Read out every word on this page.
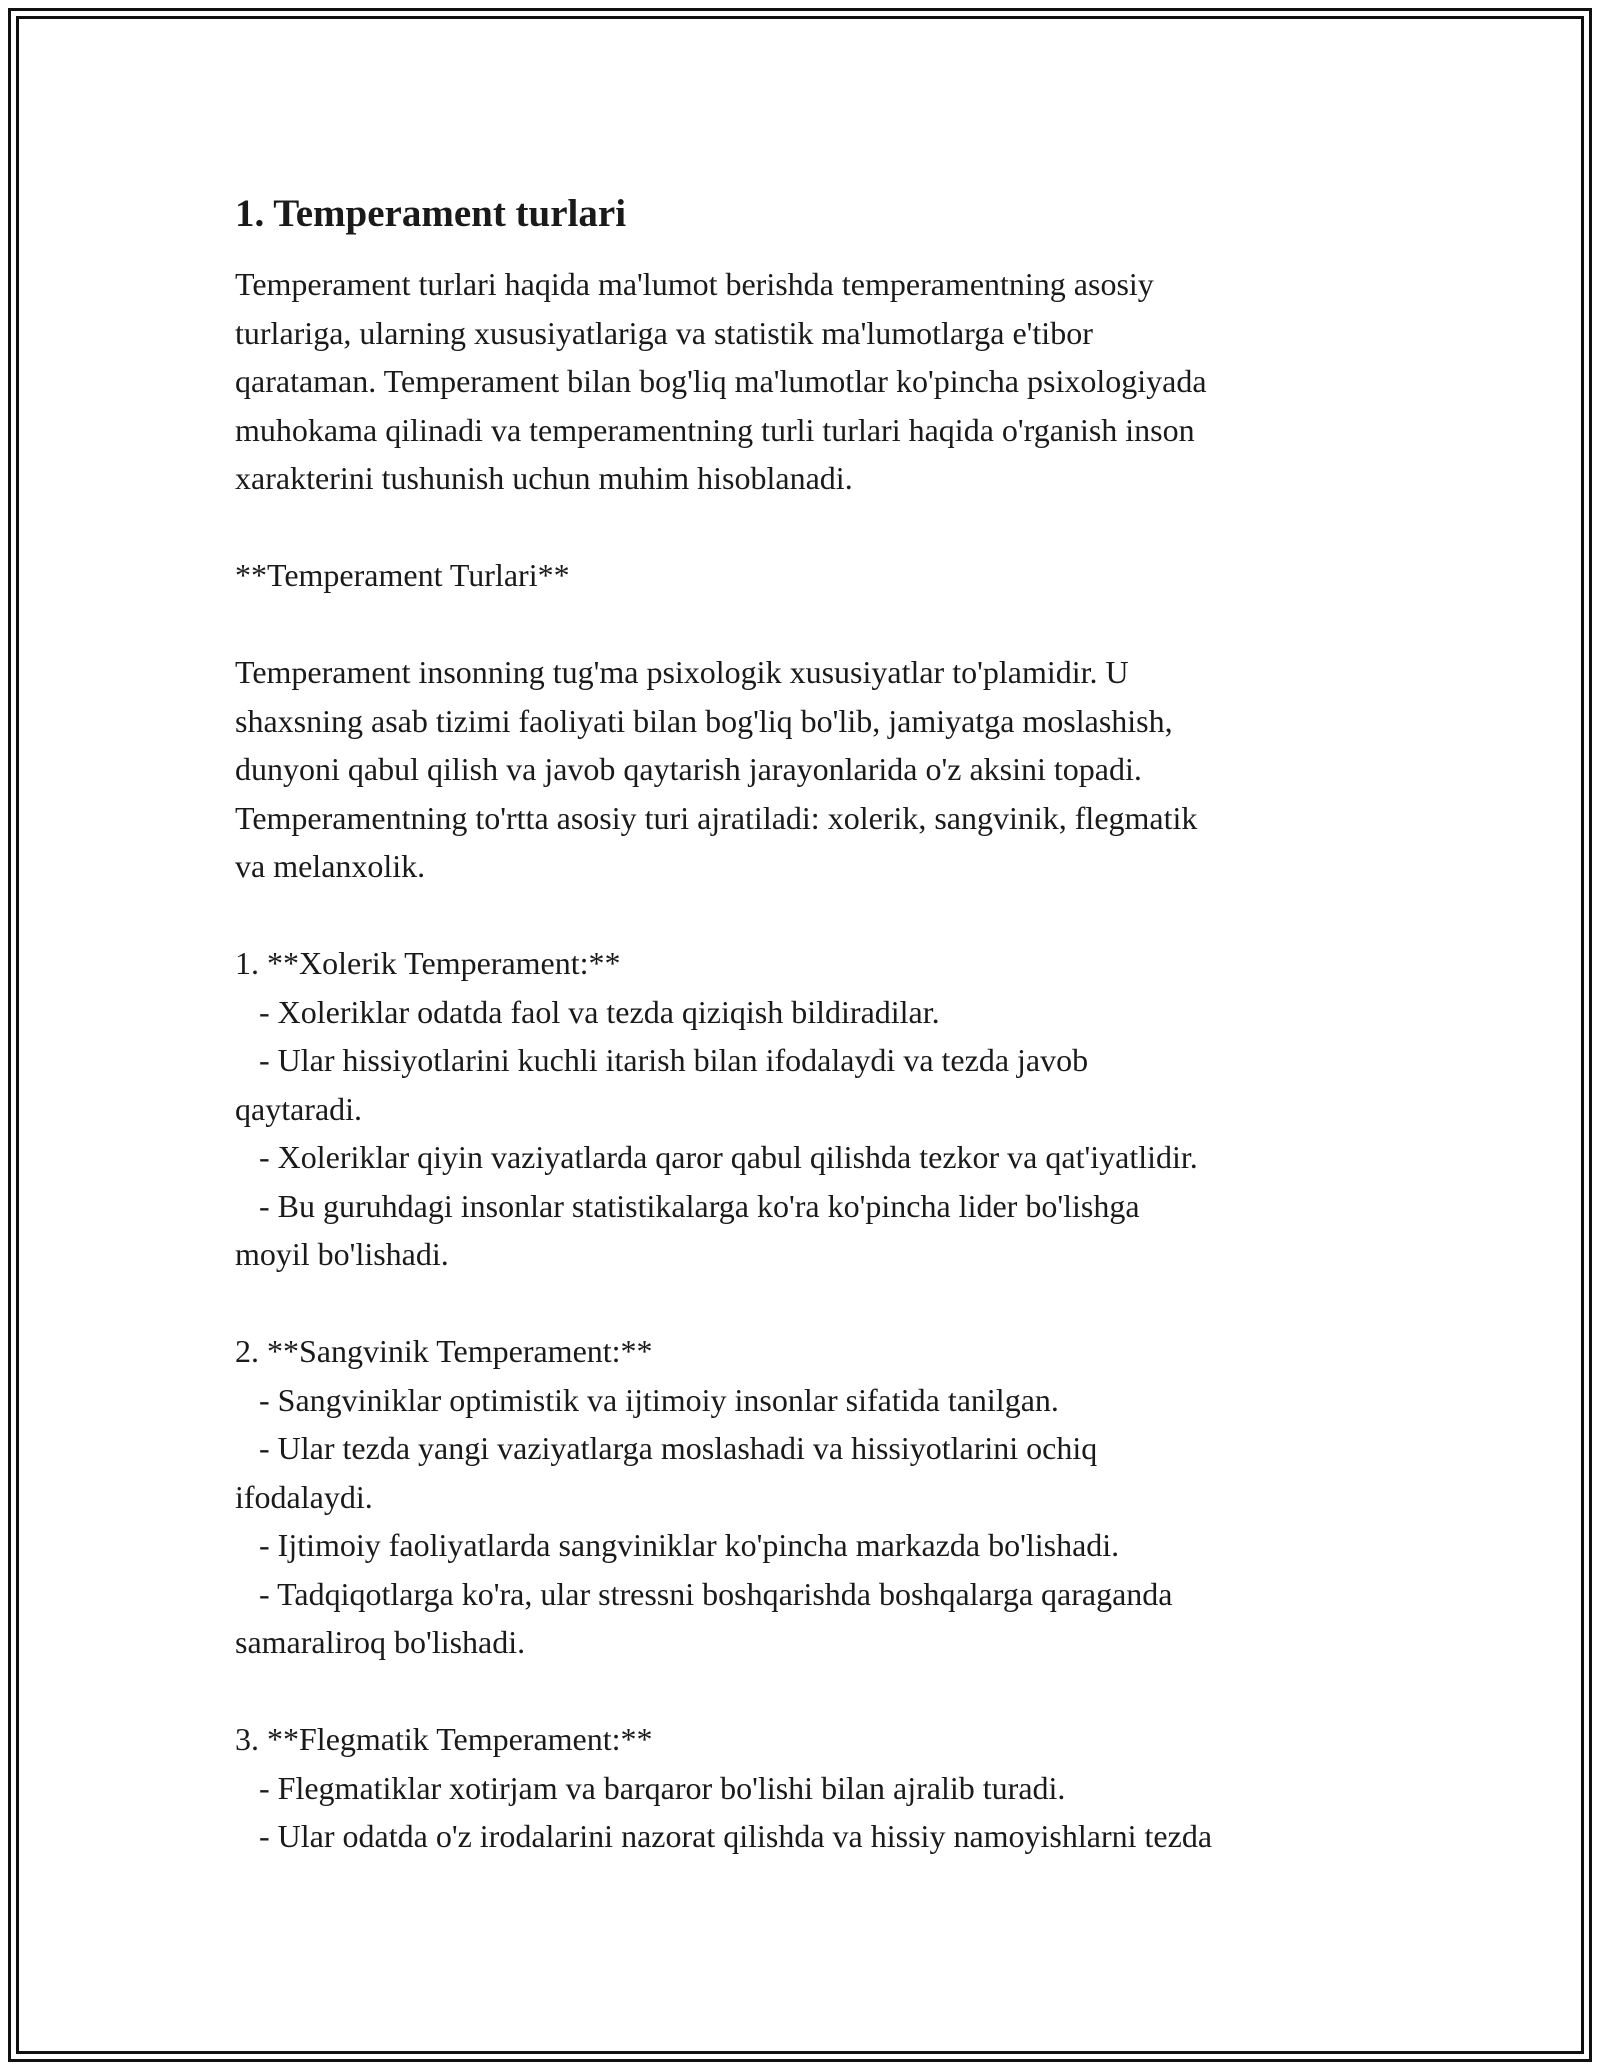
1. Temperament turlari

Temperament turlari haqida ma'lumot berishda temperamentning asosiy
turlariga, ularning xususiyatlariga va statistik ma'lumotlarga e'tibor
qarataman. Temperament bilan bog'liq ma'lumotlar ko'pincha psixologiyada
muhokama qilinadi va temperamentning turli turlari haqida o'rganish inson
xarakterini tushunish uchun muhim hisoblanadi.

**Temperament Turlari**

Temperament insonning tug'ma psixologik xususiyatlar to'plamidir. U
shaxsning asab tizimi faoliyati bilan bog'liq bo'lib, jamiyatga moslashish,
dunyoni qabul qilish va javob qaytarish jarayonlarida o'z aksini topadi.
Temperamentning to'rtta asosiy turi ajratiladi: xolerik, sangvinik, flegmatik
va melanxolik.

1. **Xolerik Temperament:**

- Xoleriklar odatda faol va tezda qiziqish bildiradilar.
- Ular hissiyotlarini kuchli itarish bilan ifodalaydi va tezda javob
qaytaradi.
- Xoleriklar qiyin vaziyatlarda qaror qabul qilishda tezkor va qat'iyatlidir.
- Bu guruhdagi insonlar statistikalarga ko'ra ko'pincha lider bo'lishga
moyil bo'lishadi.

2. **Sangvinik Temperament:**

- Sangviniklar optimistik va ijtimoiy insonlar sifatida tanilgan.
- Ular tezda yangi vaziyatlarga moslashadi va hissiyotlarini ochiq
ifodalaydi.
- Ijtimoiy faoliyatlarda sangviniklar ko'pincha markazda bo'lishadi.
- Tadqiqotlarga ko'ra, ular stressni boshqarishda boshqalarga qaraganda
samaraliroq bo'lishadi.

3. **Flegmatik Temperament:**

- Flegmatiklar xotirjam va barqaror bo'lishi bilan ajralib turadi.
- Ular odatda o'z irodalarini nazorat qilishda va hissiy namoyishlarni tezda
